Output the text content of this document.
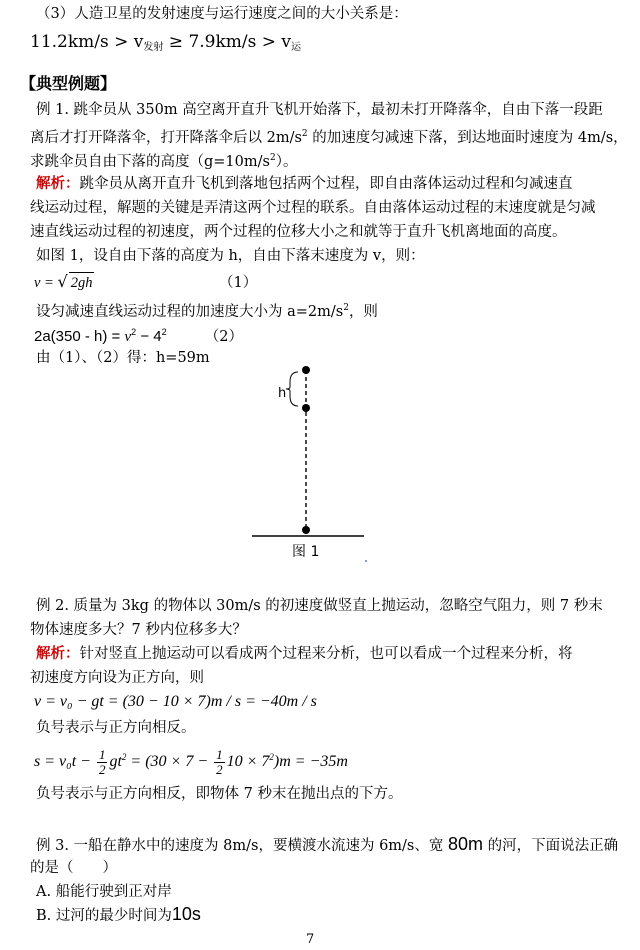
（3）人造卫星的发射速度与运行速度之间的大小关系是：
$11.2km/s > v_{发射} \ge 7.9km/s > v_运$
【典型例题】
例 1. 跳伞员从 350m 高空离开直升飞机开始落下，最初未打开降落伞，自由下落一段距
离后才打开降落伞，打开降落伞后以 $2m/s^2$ 的加速度匀减速下落，到达地面时速度为 4m/s，
求跳伞员自由下落的高度$(g=10m/s^2)$。
解析：跳伞员从离开直升飞机到落地包括两个过程，即自由落体运动过程和匀减速直
线运动过程，解题的关键是弄清这两个过程的联系。自由落体运动过程的末速度就是匀减
速直线运动过程的初速度，两个过程的位移大小之和就等于直升飞机离地面的高度。
如图 1，设自由下落的高度为 h，自由下落末速度为 v，则：
v = √ 2gh	（1）
设匀减速直线运动过程的加速度大小为 $a=2m/s^2$，则
$2a(350 - h) = v^2 - 4^2$	（2）
由（1）、（2）得：h=59m
h
图 1
例 2. 质量为 3kg 的物体以 30m/s 的初速度做竖直上抛运动，忽略空气阻力，则 7 秒末
物体速度多大？7 秒内位移多大？
解析：针对竖直上抛运动可以看成两个过程来分析，也可以看成一个过程来分析，将
初速度方向设为正方向，则
v = v₀ − gt = (30 − 10 × 7)m / s = −40m / s
负号表示与正方向相反。
$s = v_0t - \frac{1}{2} gt^2 = (30 \times 7 - \frac{1}{2} 10 \times 7^2)m = -35m$
负号表示与正方向相反，即物体 7 秒末在抛出点的下方。
例 3. 一船在静水中的速度为 8m/s，要横渡水流速为 6m/s、宽 80m 的河，下面说法正确
的是（　　）
A. 船能行驶到正对岸
B. 过河的最少时间为10s
7
